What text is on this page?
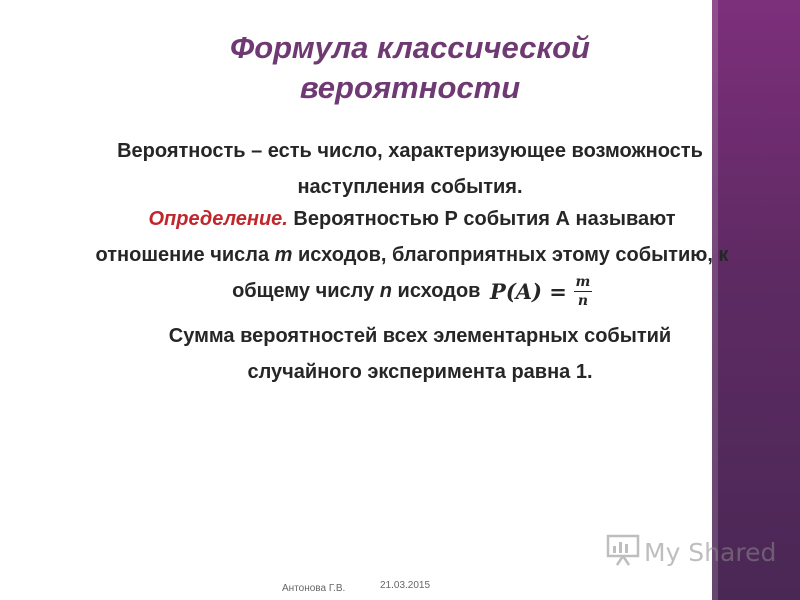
Формула классической вероятности
Вероятность – есть число, характеризующее возможность наступления события.
Определение. Вероятностью Р события А называют отношение числа m исходов, благоприятных этому событию, к общему числу n исходов 𝑷(𝑨) = $\frac{m}{n}$
Сумма вероятностей всех элементарных событий случайного эксперимента равна 1.
Антонова Г.В.	21.03.2015
My Shared
